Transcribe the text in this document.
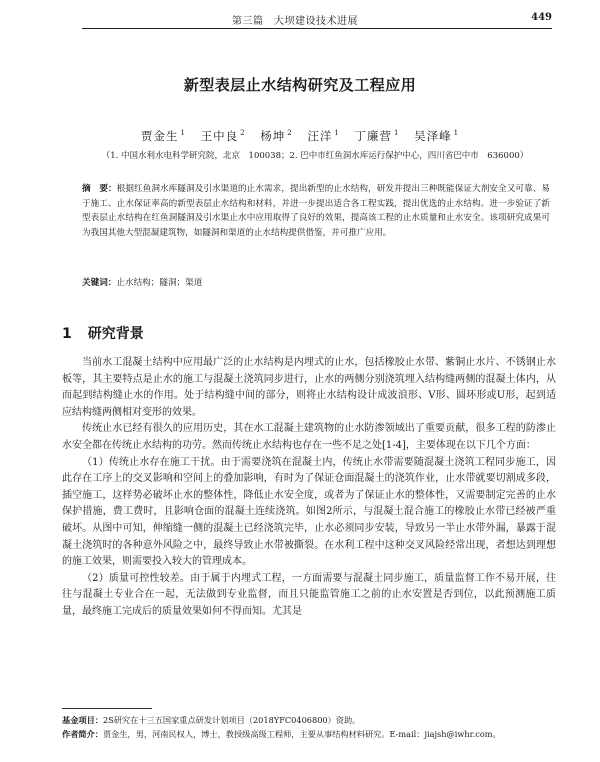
第三篇　大坝建设技术进展	449
新型表层止水结构研究及工程应用
贾金生 $^1$ 王中良 $^2$ 杨坤 $^2$ 汪洋 $^1$ 丁廉营 $^1$ 吴泽峰 $^1$
（1. 中国水利水电科学研究院，北京　100038；2. 巴中市红鱼洞水库运行保护中心，四川省巴中市　636000）
摘　要：根据红鱼洞水库隧洞及引水渠道的止水需求，提出新型的止水结构，研发并提出三种既能保证大剂安全又可靠、易于施工、止水保证率高的新型表层止水结构和材料，并进一步提出适合各工程实践，提出优选的止水结构。进一步验证了新型表层止水结构在红鱼洞隧洞及引水渠止水中应用取得了良好的效果，提高该工程的止水质量和止水安全。该项研究成果可为我国其他大型混凝建筑物，如隧洞和渠道的止水结构提供借鉴，并可推广应用。
关键词：止水结构；隧洞；渠道
1 研究背景

当前水工混凝土结构中应用最广泛的止水结构是内埋式的止水，包括橡胶止水带、紫铜止水片、不锈钢止水板等，其主要特点是止水的施工与混凝土浇筑同步进行，止水的两侧分别浇筑埋入结构缝两侧的混凝土体内，从而起到结构缝止水的作用。处于结构缝中间的部分，则将止水结构设计成波浪形、V形、圆环形或U形，起到适应结构缝两侧相对变形的效果。

传统止水已经有很久的应用历史，其在水工混凝土建筑物的止水防渗领域出了重要贡献，很多工程的防渗止水安全都在传统止水结构的功劳。然而传统止水结构也存在一些不足之处[1-4]，主要体现在以下几个方面：

（1）传统止水存在施工干扰。由于需要浇筑在混凝土内，传统止水带需要随混凝土浇筑工程同步施工，因此存在工序上的交叉影响和空间上的叠加影响，有时为了保证仓面混凝土的浇筑作业，止水带就要切割成多段，插空施工，这样势必破坏止水的整体性，降低止水安全度，或者为了保证止水的整体性，又需要制定完善的止水保护措施，费工费时，且影响仓面的混凝土连续浇筑。如图2所示，与混凝土混合施工的橡胶止水带已经被严重破坏。从图中可知，伸缩缝一侧的混凝土已经浇筑完毕，止水必须同步安装，导致另一半止水带外漏，暴露于混凝土浇筑时的各种意外风险之中，最终导致止水带被撕裂。在水利工程中这种交叉风险经常出现，者想达到理想的施工效果，则需要投入较大的管理成本。

（2）质量可控性较差。由于属于内埋式工程，一方面需要与混凝土同步施工，质量监督工作不易开展，往往与混凝土专业合在一起，无法做到专业监督，而且只能监管施工之前的止水安置是否到位，以此预测施工质量，最终施工完成后的质量效果如何不得而知。尤其是

基金项目：2S研究在十三五国家重点研发计划项目（2018YFC0406800）资助。
作者简介：贾金生，男，河南民权人，博士，教授级高级工程师，主要从事结构材料研究。E-mail：jiajsh@iwhr.com。
